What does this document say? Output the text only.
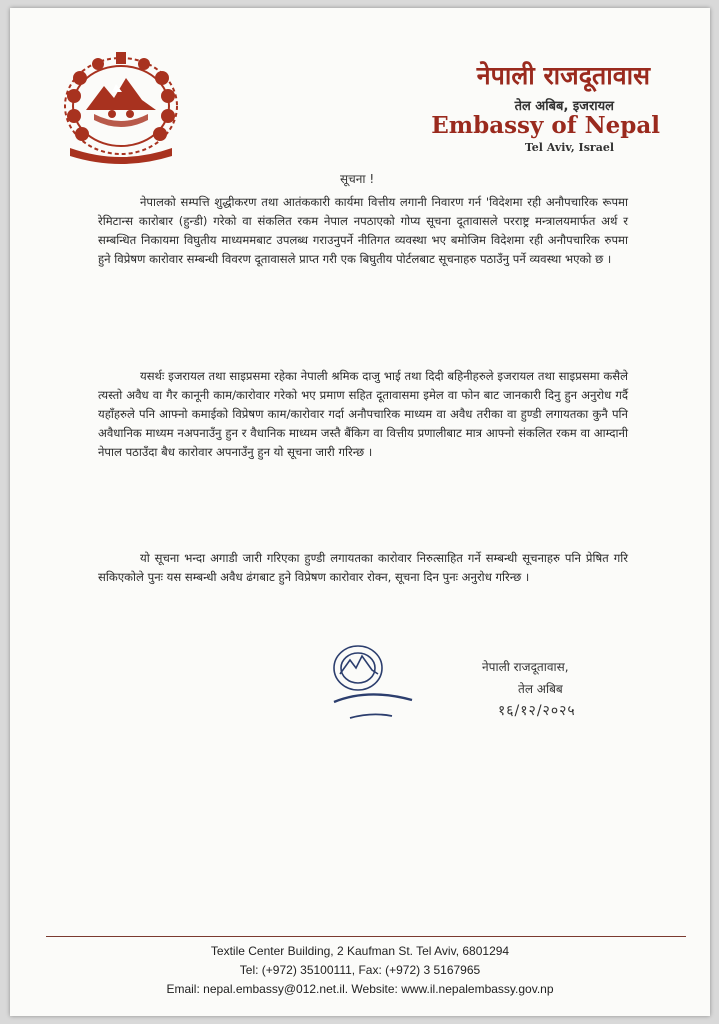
नेपाली राजदूतावास
तेल अबिब, इजरायल
Embassy of Nepal
Tel Aviv, Israel
सूचना !

नेपालको सम्पत्ति शुद्धीकरण तथा आतंककारी कार्यमा वित्तीय लगानी निवारण गर्न 'विदेशमा रही अनौपचारिक रूपमा रेमिटान्स कारोबार (हुन्डी) गरेको वा संकलित रकम नेपाल नपठाएको गोप्य सूचना दूतावासले परराष्ट्र मन्त्रालयमार्फत अर्थ र सम्बन्धित निकायमा विघुतीय माध्यममबाट उपलब्ध गराउनुपर्ने नीतिगत व्यवस्था भए बमोजिम विदेशमा रही अनौपचारिक रुपमा हुने विप्रेषण कारोवार सम्बन्धी विवरण दूतावासले प्राप्त गरी एक बिघुतीय पोर्टलबाट सूचनाहरु पठाउँनु पर्ने व्यवस्था भएको छ ।

यसर्थः इजरायल तथा साइप्रसमा रहेका नेपाली श्रमिक दाजु भाई तथा दिदी बहिनीहरुले इजरायल तथा साइप्रसमा कसैले त्यस्तो अवैध वा गैर कानूनी काम/कारोवार गरेको भए प्रमाण सहित दूतावासमा इमेल वा फोन बाट जानकारी दिनु हुन अनुरोध गर्दै यहाँहरुले पनि आफ्नो कमाईको विप्रेषण काम/कारोवार गर्दा अनौपचारिक माध्यम वा अवैध तरीका वा हुण्डी लगायतका कुनै पनि अवैधानिक माध्यम नअपनाउँनु हुन र वैधानिक माध्यम जस्तै बैंकिग वा वित्तीय प्रणालीबाट मात्र आफ्नो संकलित रकम वा आम्दानी नेपाल पठाउँदा बैध कारोवार अपनाउँनु हुन यो सूचना जारी गरिन्छ ।

यो सूचना भन्दा अगाडी जारी गरिएका हुण्डी लगायतका कारोवार निरुत्साहित गर्ने सम्बन्धी सूचनाहरु पनि प्रेषित गरि सकिएकोले पुनः यस सम्बन्धी अवैध ढंगबाट हुने विप्रेषण कारोवार रोक्न, सूचना दिन पुनः अनुरोध गरिन्छ ।

नेपाली राजदूतावास,
तेल अबिब
१६/१२/२०२५
Textile Center Building, 2 Kaufman St. Tel Aviv, 6801294
Tel: (+972) 35100111, Fax: (+972) 3 5167965
Email: nepal.embassy@012.net.il. Website: www.il.nepalembassy.gov.np
